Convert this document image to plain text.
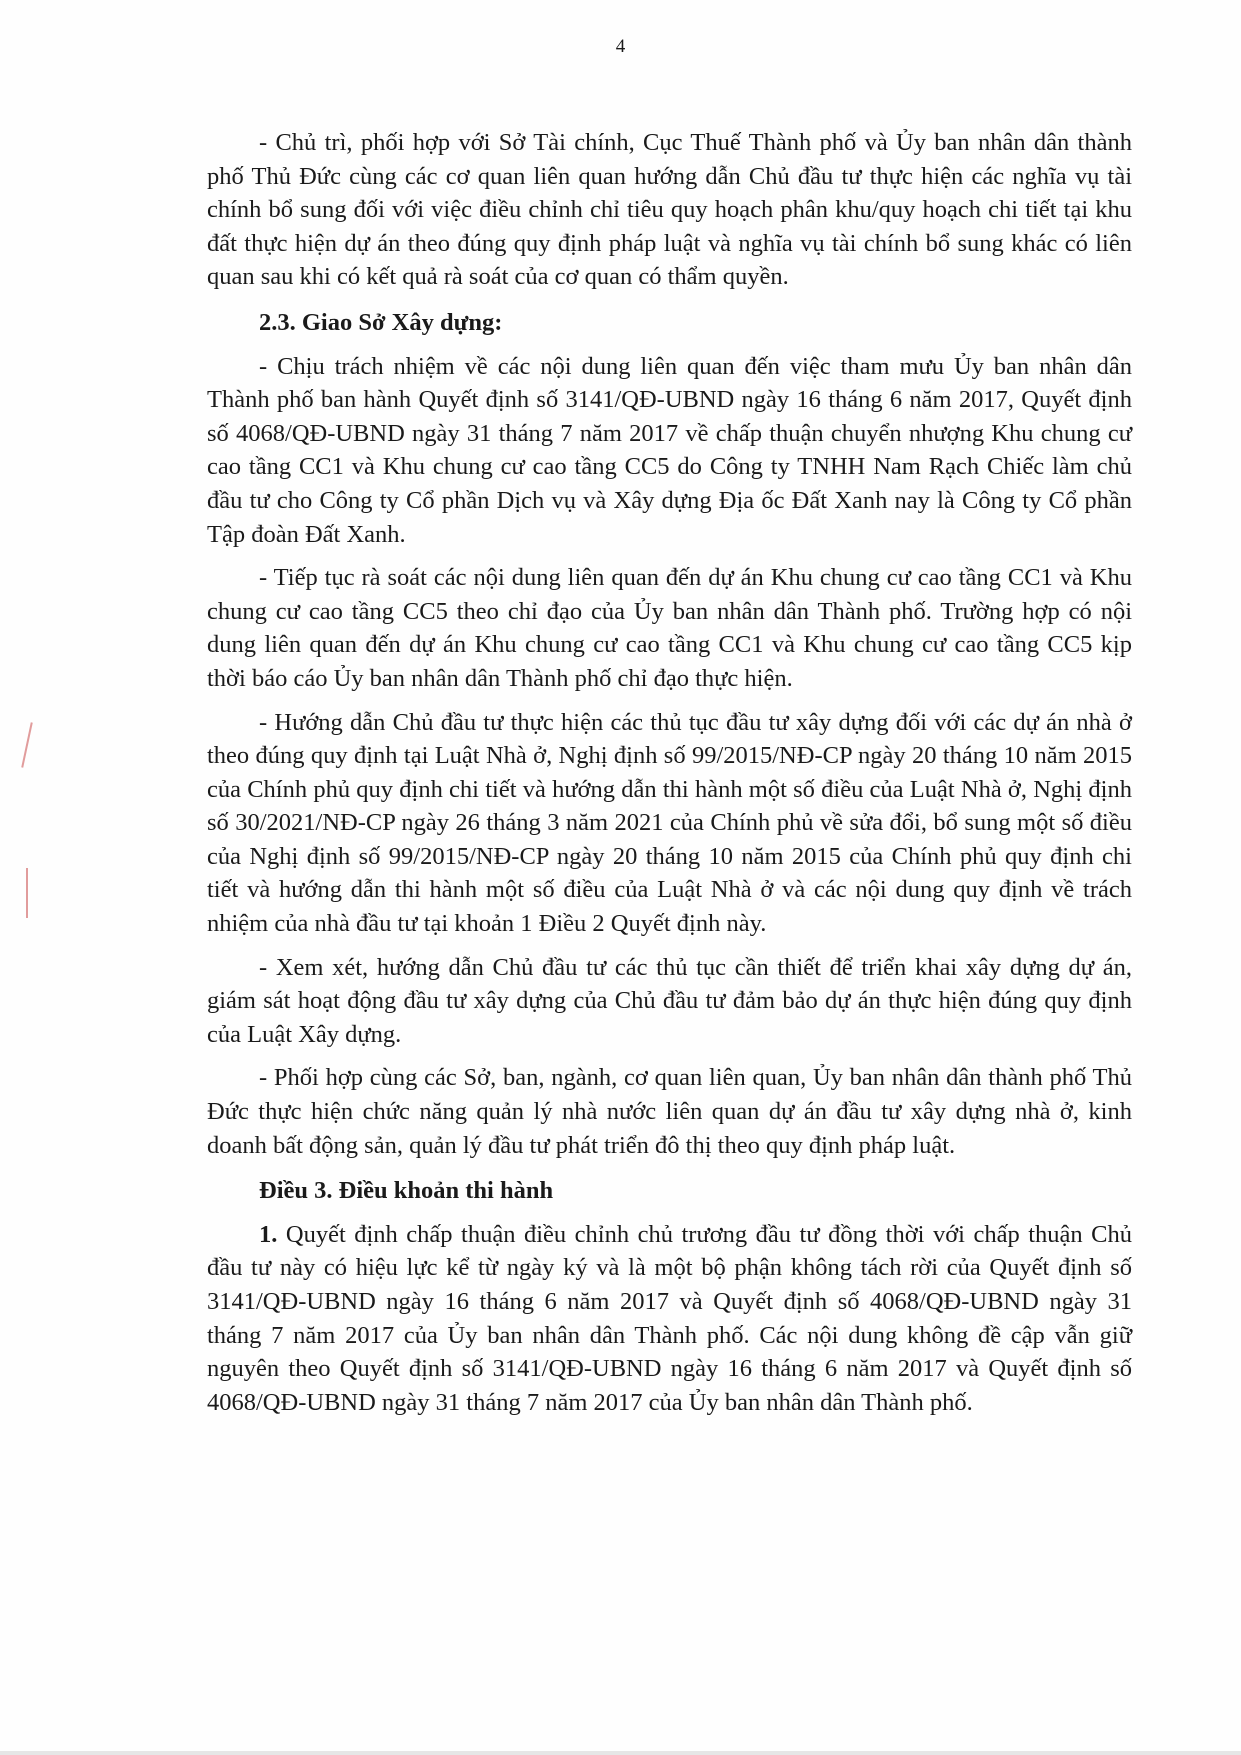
4

- Chủ trì, phối hợp với Sở Tài chính, Cục Thuế Thành phố và Ủy ban nhân dân thành phố Thủ Đức cùng các cơ quan liên quan hướng dẫn Chủ đầu tư thực hiện các nghĩa vụ tài chính bổ sung đối với việc điều chỉnh chỉ tiêu quy hoạch phân khu/quy hoạch chi tiết tại khu đất thực hiện dự án theo đúng quy định pháp luật và nghĩa vụ tài chính bổ sung khác có liên quan sau khi có kết quả rà soát của cơ quan có thẩm quyền.

2.3. Giao Sở Xây dựng:

- Chịu trách nhiệm về các nội dung liên quan đến việc tham mưu Ủy ban nhân dân Thành phố ban hành Quyết định số 3141/QĐ-UBND ngày 16 tháng 6 năm 2017, Quyết định số 4068/QĐ-UBND ngày 31 tháng 7 năm 2017 về chấp thuận chuyển nhượng Khu chung cư cao tầng CC1 và Khu chung cư cao tầng CC5 do Công ty TNHH Nam Rạch Chiếc làm chủ đầu tư cho Công ty Cổ phần Dịch vụ và Xây dựng Địa ốc Đất Xanh nay là Công ty Cổ phần Tập đoàn Đất Xanh.

- Tiếp tục rà soát các nội dung liên quan đến dự án Khu chung cư cao tầng CC1 và Khu chung cư cao tầng CC5 theo chỉ đạo của Ủy ban nhân dân Thành phố. Trường hợp có nội dung liên quan đến dự án Khu chung cư cao tầng CC1 và Khu chung cư cao tầng CC5 kịp thời báo cáo Ủy ban nhân dân Thành phố chỉ đạo thực hiện.

- Hướng dẫn Chủ đầu tư thực hiện các thủ tục đầu tư xây dựng đối với các dự án nhà ở theo đúng quy định tại Luật Nhà ở, Nghị định số 99/2015/NĐ-CP ngày 20 tháng 10 năm 2015 của Chính phủ quy định chi tiết và hướng dẫn thi hành một số điều của Luật Nhà ở, Nghị định số 30/2021/NĐ-CP ngày 26 tháng 3 năm 2021 của Chính phủ về sửa đổi, bổ sung một số điều của Nghị định số 99/2015/NĐ-CP ngày 20 tháng 10 năm 2015 của Chính phủ quy định chi tiết và hướng dẫn thi hành một số điều của Luật Nhà ở và các nội dung quy định về trách nhiệm của nhà đầu tư tại khoản 1 Điều 2 Quyết định này.

- Xem xét, hướng dẫn Chủ đầu tư các thủ tục cần thiết để triển khai xây dựng dự án, giám sát hoạt động đầu tư xây dựng của Chủ đầu tư đảm bảo dự án thực hiện đúng quy định của Luật Xây dựng.

- Phối hợp cùng các Sở, ban, ngành, cơ quan liên quan, Ủy ban nhân dân thành phố Thủ Đức thực hiện chức năng quản lý nhà nước liên quan dự án đầu tư xây dựng nhà ở, kinh doanh bất động sản, quản lý đầu tư phát triển đô thị theo quy định pháp luật.

Điều 3. Điều khoản thi hành

1. Quyết định chấp thuận điều chỉnh chủ trương đầu tư đồng thời với chấp thuận Chủ đầu tư này có hiệu lực kể từ ngày ký và là một bộ phận không tách rời của Quyết định số 3141/QĐ-UBND ngày 16 tháng 6 năm 2017 và Quyết định số 4068/QĐ-UBND ngày 31 tháng 7 năm 2017 của Ủy ban nhân dân Thành phố. Các nội dung không đề cập vẫn giữ nguyên theo Quyết định số 3141/QĐ-UBND ngày 16 tháng 6 năm 2017 và Quyết định số 4068/QĐ-UBND ngày 31 tháng 7 năm 2017 của Ủy ban nhân dân Thành phố.
